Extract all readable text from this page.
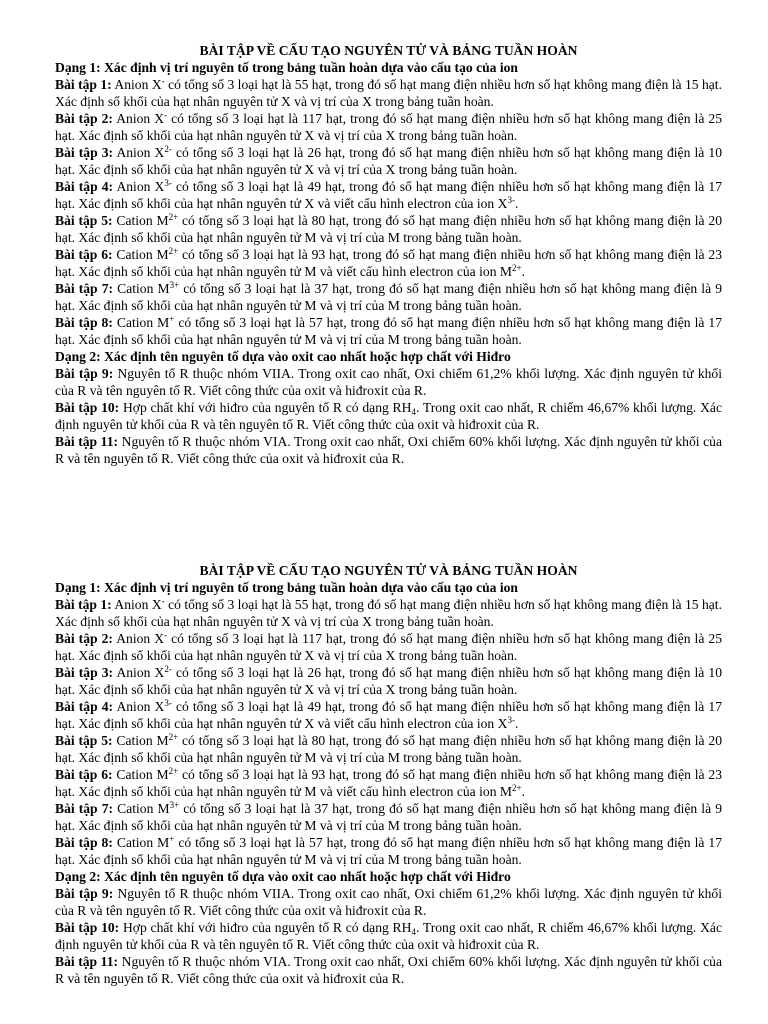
BÀI TẬP VỀ CẤU TẠO NGUYÊN TỬ VÀ BẢNG TUẦN HOÀN
Dạng 1: Xác định vị trí nguyên tố trong bảng tuần hoàn dựa vào cấu tạo của ion
Bài tập 1: Anion X- có tổng số 3 loại hạt là 55 hạt, trong đó số hạt mang điện nhiều hơn số hạt không mang điện là 15 hạt. Xác định số khối của hạt nhân nguyên tử X và vị trí của X trong bảng tuần hoàn.
Bài tập 2: Anion X- có tổng số 3 loại hạt là 117 hạt, trong đó số hạt mang điện nhiều hơn số hạt không mang điện là 25 hạt. Xác định số khối của hạt nhân nguyên tử X và vị trí của X trong bảng tuần hoàn.
Bài tập 3: Anion $X^{2-}$ có tổng số 3 loại hạt là 26 hạt, trong đó số hạt mang điện nhiều hơn số hạt không mang điện là 10 hạt. Xác định số khối của hạt nhân nguyên tử X và vị trí của X trong bảng tuần hoàn.
Bài tập 4: Anion $X^{3-}$ có tổng số 3 loại hạt là 49 hạt, trong đó số hạt mang điện nhiều hơn số hạt không mang điện là 17 hạt. Xác định số khối của hạt nhân nguyên tử X và viết cấu hình electron của ion $X^{3-}$.
Bài tập 5: Cation $M^{2+}$ có tổng số 3 loại hạt là 80 hạt, trong đó số hạt mang điện nhiều hơn số hạt không mang điện là 20 hạt. Xác định số khối của hạt nhân nguyên tử M và vị trí của M trong bảng tuần hoàn.
Bài tập 6: Cation $M^{2+}$ có tổng số 3 loại hạt là 93 hạt, trong đó số hạt mang điện nhiều hơn số hạt không mang điện là 23 hạt. Xác định số khối của hạt nhân nguyên tử M và viết cấu hình electron của ion $M^{2+}$.
Bài tập 7: Cation $M^{3+}$ có tổng số 3 loại hạt là 37 hạt, trong đó số hạt mang điện nhiều hơn số hạt không mang điện là 9 hạt. Xác định số khối của hạt nhân nguyên tử M và vị trí của M trong bảng tuần hoàn.
Bài tập 8: Cation M+ có tổng số 3 loại hạt là 57 hạt, trong đó số hạt mang điện nhiều hơn số hạt không mang điện là 17 hạt. Xác định số khối của hạt nhân nguyên tử M và vị trí của M trong bảng tuần hoàn.
Dạng 2: Xác định tên nguyên tố dựa vào oxit cao nhất hoặc hợp chất với Hiđro
Bài tập 9: Nguyên tố R thuộc nhóm VIIA. Trong oxit cao nhất, Oxi chiếm 61,2% khối lượng. Xác định nguyên tử khối của R và tên nguyên tố R. Viết công thức của oxit và hiđroxit của R.
Bài tập 10: Hợp chất khí với hiđro của nguyên tố R có dạng $RH_4$. Trong oxit cao nhất, R chiếm 46,67% khối lượng. Xác định nguyên tử khối của R và tên nguyên tố R. Viết công thức của oxit và hiđroxit của R.
Bài tập 11: Nguyên tố R thuộc nhóm VIA. Trong oxit cao nhất, Oxi chiếm 60% khối lượng. Xác định nguyên tử khối của R và tên nguyên tố R. Viết công thức của oxit và hiđroxit của R.
BÀI TẬP VỀ CẤU TẠO NGUYÊN TỬ VÀ BẢNG TUẦN HOÀN
Dạng 1: Xác định vị trí nguyên tố trong bảng tuần hoàn dựa vào cấu tạo của ion
Bài tập 1: Anion X- có tổng số 3 loại hạt là 55 hạt, trong đó số hạt mang điện nhiều hơn số hạt không mang điện là 15 hạt. Xác định số khối của hạt nhân nguyên tử X và vị trí của X trong bảng tuần hoàn.
Bài tập 2: Anion X- có tổng số 3 loại hạt là 117 hạt, trong đó số hạt mang điện nhiều hơn số hạt không mang điện là 25 hạt. Xác định số khối của hạt nhân nguyên tử X và vị trí của X trong bảng tuần hoàn.
Bài tập 3: Anion $X^{2-}$ có tổng số 3 loại hạt là 26 hạt, trong đó số hạt mang điện nhiều hơn số hạt không mang điện là 10 hạt. Xác định số khối của hạt nhân nguyên tử X và vị trí của X trong bảng tuần hoàn.
Bài tập 4: Anion $X^{3-}$ có tổng số 3 loại hạt là 49 hạt, trong đó số hạt mang điện nhiều hơn số hạt không mang điện là 17 hạt. Xác định số khối của hạt nhân nguyên tử X và viết cấu hình electron của ion $X^{3-}$.
Bài tập 5: Cation $M^{2+}$ có tổng số 3 loại hạt là 80 hạt, trong đó số hạt mang điện nhiều hơn số hạt không mang điện là 20 hạt. Xác định số khối của hạt nhân nguyên tử M và vị trí của M trong bảng tuần hoàn.
Bài tập 6: Cation $M^{2+}$ có tổng số 3 loại hạt là 93 hạt, trong đó số hạt mang điện nhiều hơn số hạt không mang điện là 23 hạt. Xác định số khối của hạt nhân nguyên tử M và viết cấu hình electron của ion $M^{2+}$.
Bài tập 7: Cation $M^{3+}$ có tổng số 3 loại hạt là 37 hạt, trong đó số hạt mang điện nhiều hơn số hạt không mang điện là 9 hạt. Xác định số khối của hạt nhân nguyên tử M và vị trí của M trong bảng tuần hoàn.
Bài tập 8: Cation M+ có tổng số 3 loại hạt là 57 hạt, trong đó số hạt mang điện nhiều hơn số hạt không mang điện là 17 hạt. Xác định số khối của hạt nhân nguyên tử M và vị trí của M trong bảng tuần hoàn.
Dạng 2: Xác định tên nguyên tố dựa vào oxit cao nhất hoặc hợp chất với Hiđro
Bài tập 9: Nguyên tố R thuộc nhóm VIIA. Trong oxit cao nhất, Oxi chiếm 61,2% khối lượng. Xác định nguyên tử khối của R và tên nguyên tố R. Viết công thức của oxit và hiđroxit của R.
Bài tập 10: Hợp chất khí với hiđro của nguyên tố R có dạng $RH_4$. Trong oxit cao nhất, R chiếm 46,67% khối lượng. Xác định nguyên tử khối của R và tên nguyên tố R. Viết công thức của oxit và hiđroxit của R.
Bài tập 11: Nguyên tố R thuộc nhóm VIA. Trong oxit cao nhất, Oxi chiếm 60% khối lượng. Xác định nguyên tử khối của R và tên nguyên tố R. Viết công thức của oxit và hiđroxit của R.
